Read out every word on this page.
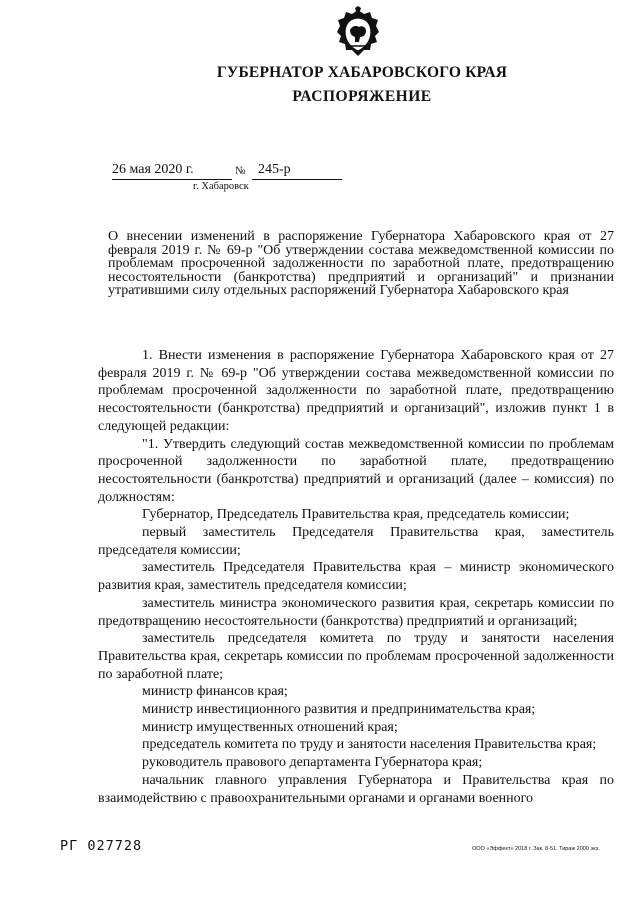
ГУБЕРНАТОР ХАБАРОВСКОГО КРАЯ
РАСПОРЯЖЕНИЕ
26 мая 2020 г.	№ 245-р
г. Хабаровск
О внесении изменений в распоряжение Губернатора Хабаровского края от 27 февраля 2019 г. № 69-р "Об утверждении состава межведомственной комиссии по проблемам просроченной задолженности по заработной плате, предотвращению несостоятельности (банкротства) предприятий и организаций" и признании утратившими силу отдельных распоряжений Губернатора Хабаровского края

1. Внести изменения в распоряжение Губернатора Хабаровского края от 27 февраля 2019 г. № 69-р "Об утверждении состава межведомственной комиссии по проблемам просроченной задолженности по заработной плате, предотвращению несостоятельности (банкротства) предприятий и организаций", изложив пункт 1 в следующей редакции:

"1. Утвердить следующий состав межведомственной комиссии по проблемам просроченной задолженности по заработной плате, предотвращению несостоятельности (банкротства) предприятий и организаций (далее – комиссия) по должностям:

Губернатор, Председатель Правительства края, председатель комиссии;

первый заместитель Председателя Правительства края, заместитель председателя комиссии;

заместитель Председателя Правительства края – министр экономического развития края, заместитель председателя комиссии;

заместитель министра экономического развития края, секретарь комиссии по предотвращению несостоятельности (банкротства) предприятий и организаций;

заместитель председателя комитета по труду и занятости населения Правительства края, секретарь комиссии по проблемам просроченной задолженности по заработной плате;

министр финансов края;

министр инвестиционного развития и предпринимательства края;

министр имущественных отношений края;

председатель комитета по труду и занятости населения Правительства края;

руководитель правового департамента Губернатора края;

начальник главного управления Губернатора и Правительства края по взаимодействию с правоохранительными органами и органами военного

РГ 027728	ООО «Эффект» 2018 г. Зак. 8-51. Тираж 2000 экз.
